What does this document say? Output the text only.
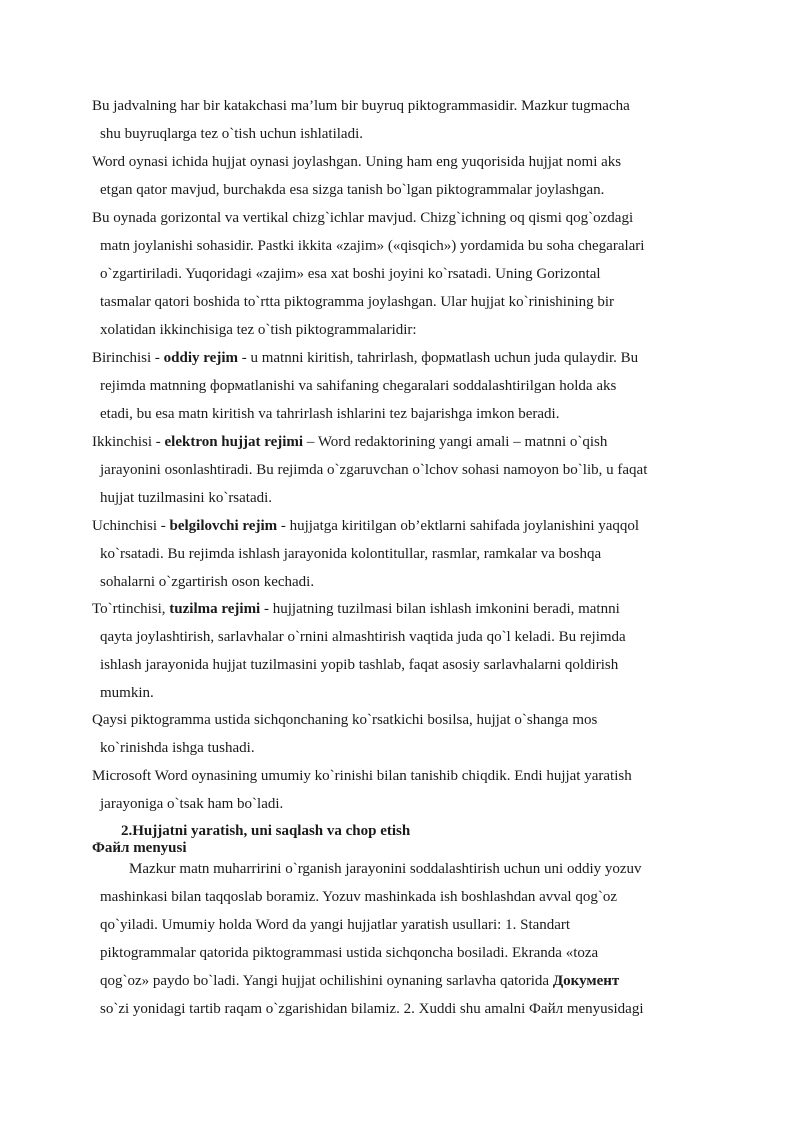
Bu jadvalning har bir katakchasi ma’lum bir buyruq piktogrammasidir. Mazkur tugmacha
shu buyruqlarga tez o`tish uchun ishlatiladi.
Word oynasi ichida hujjat oynasi joylashgan. Uning ham eng yuqorisida hujjat nomi aks
etgan qator mavjud, burchakda esa sizga tanish bo`lgan piktogrammalar joylashgan.
Bu oynada gorizontal va vertikal chizg`ichlar mavjud. Chizg`ichning oq qismi qog`ozdagi
matn joylanishi sohasidir. Pastki ikkita «zajim» («qisqich») yordamida bu soha chegaralari
o`zgartiriladi. Yuqoridagi «zajim» esa xat boshi joyini ko`rsatadi. Uning Gorizontal
tasmalar qatori boshida to`rtta piktogramma joylashgan. Ular hujjat ko`rinishining bir
xolatidan ikkinchisiga tez o`tish piktogrammalaridir:
Birinchisi - oddiy rejim - u matnni kiritish, tahrirlash, формatlash uchun juda qulaydir. Bu
rejimda matnning формatlanishi va sahifaning chegaralari soddalashtirilgan holda aks
etadi, bu esa matn kiritish va tahrirlash ishlarini tez bajarishga imkon beradi.
Ikkinchisi - elektron hujjat rejimi – Word redaktorining yangi amali – matnni o`qish
jarayonini osonlashtiradi. Bu rejimda o`zgaruvchan o`lchov sohasi namoyon bo`lib, u faqat
hujjat tuzilmasini ko`rsatadi.
Uchinchisi - belgilovchi rejim - hujjatga kiritilgan ob’ektlarni sahifada joylanishini yaqqol
ko`rsatadi. Bu rejimda ishlash jarayonida kolontitullar, rasmlar, ramkalar va boshqa
sohalarni o`zgartirish oson kechadi.
To`rtinchisi, tuzilma rejimi - hujjatning tuzilmasi bilan ishlash imkonini beradi, matnni
qayta joylashtirish, sarlavhalar o`rnini almashtirish vaqtida juda qo`l keladi. Bu rejimda
ishlash jarayonida hujjat tuzilmasini yopib tashlab, faqat asosiy sarlavhalarni qoldirish
mumkin.
Qaysi piktogramma ustida sichqonchaning ko`rsatkichi bosilsa, hujjat o`shanga mos
ko`rinishda ishga tushadi.
Microsoft Word oynasining umumiy ko`rinishi bilan tanishib chiqdik. Endi hujjat yaratish
jarayoniga o`tsak ham bo`ladi.
2.Hujjatni yaratish, uni saqlash va chop etish
Файл menyusi
Mazkur matn muharririni o`rganish jarayonini soddalashtirish uchun uni oddiy yozuv
mashinkasi bilan taqqoslab boramiz. Yozuv mashinkada ish boshlashdan avval qog`oz
qo`yiladi. Umumiy holda Word da yangi hujjatlar yaratish usullari: 1. Standart
piktogrammalar qatorida piktogrammasi ustida sichqoncha bosiladi. Ekranda «toza
qog`oz» paydo bo`ladi. Yangi hujjat ochilishini oynaning sarlavha qatorida Документ
so`zi yonidagi tartib raqam o`zgarishidan bilamiz. 2. Xuddi shu amalni Файл menyusidagi
